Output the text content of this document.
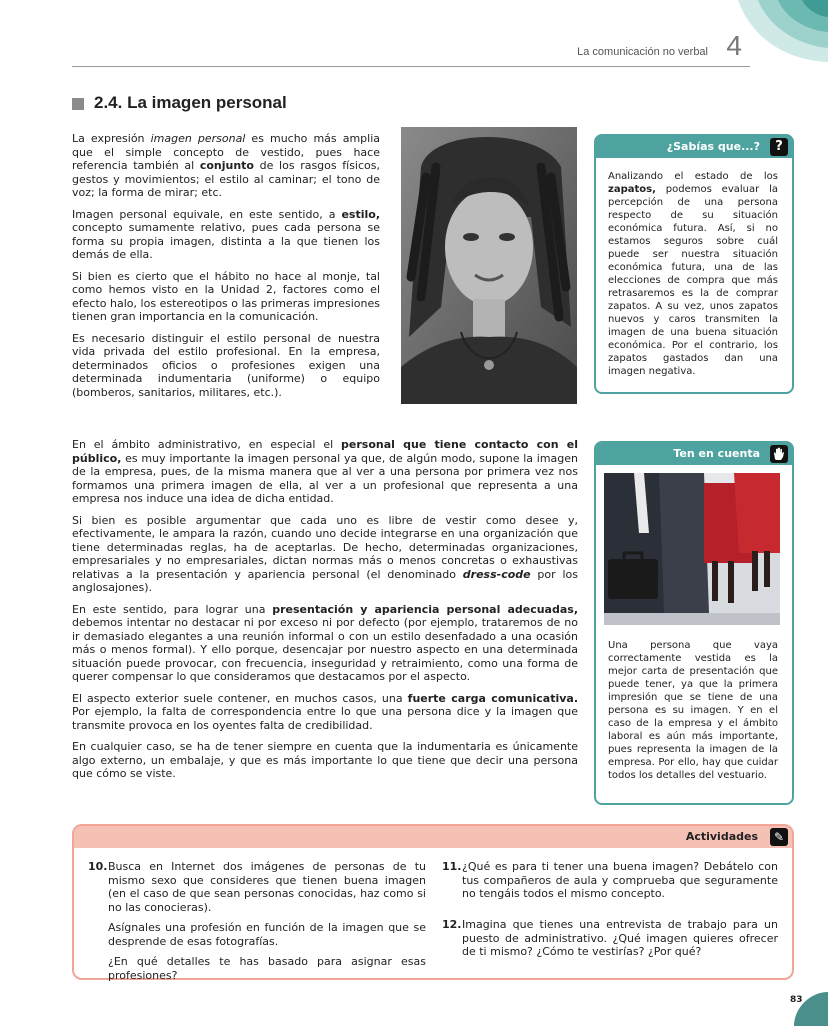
La comunicación no verbal 4
2.4. La imagen personal

La expresión imagen personal es mucho más amplia que el simple concepto de vestido, pues hace referencia también al conjunto de los rasgos físicos, gestos y movimientos; el estilo al caminar; el tono de voz; la forma de mirar; etc.

Imagen personal equivale, en este sentido, a estilo, concepto sumamente relativo, pues cada persona se forma su propia imagen, distinta a la que tienen los demás de ella.

Si bien es cierto que el hábito no hace al monje, tal como hemos visto en la Unidad 2, factores como el efecto halo, los estereotipos o las primeras impresiones tienen gran importancia en la comunicación.

Es necesario distinguir el estilo personal de nuestra vida privada del estilo profesional. En la empresa, determinados oficios o profesiones exigen una determinada indumentaria (uniforme) o equipo (bomberos, sanitarios, militares, etc.).

En el ámbito administrativo, en especial el personal que tiene contacto con el público, es muy importante la imagen personal ya que, de algún modo, supone la imagen de la empresa, pues, de la misma manera que al ver a una persona por primera vez nos formamos una primera imagen de ella, al ver a un profesional que representa a una empresa nos induce una idea de dicha entidad.

Si bien es posible argumentar que cada uno es libre de vestir como desee y, efectivamente, le ampara la razón, cuando uno decide integrarse en una organización que tiene determinadas reglas, ha de aceptarlas. De hecho, determinadas organizaciones, empresariales y no empresariales, dictan normas más o menos concretas o exhaustivas relativas a la presentación y apariencia personal (el denominado dress-code por los anglosajones).

En este sentido, para lograr una presentación y apariencia personal adecuadas, debemos intentar no destacar ni por exceso ni por defecto (por ejemplo, trataremos de no ir demasiado elegantes a una reunión informal o con un estilo desenfadado a una ocasión más o menos formal). Y ello porque, desencajar por nuestro aspecto en una determinada situación puede provocar, con frecuencia, inseguridad y retraimiento, como una forma de querer compensar lo que consideramos que destacamos por el aspecto.

El aspecto exterior suele contener, en muchos casos, una fuerte carga comunicativa. Por ejemplo, la falta de correspondencia entre lo que una persona dice y la imagen que transmite provoca en los oyentes falta de credibilidad.

En cualquier caso, se ha de tener siempre en cuenta que la indumentaria es únicamente algo externo, un embalaje, y que es más importante lo que tiene que decir una persona que cómo se viste.

¿Sabías que...?	?
Analizando el estado de los zapatos, podemos evaluar la percepción de una persona respecto de su situación económica futura. Así, si no estamos seguros sobre cuál puede ser nuestra situación económica futura, una de las elecciones de compra que más retrasaremos es la de comprar zapatos. A su vez, unos zapatos nuevos y caros transmiten la imagen de una buena situación económica. Por el contrario, los zapatos gastados dan una imagen negativa.
Ten en cuenta
Una persona que vaya correctamente vestida es la mejor carta de presentación que puede tener, ya que la primera impresión que se tiene de una persona es su imagen. Y en el caso de la empresa y el ámbito laboral es aún más importante, pues representa la imagen de la empresa. Por ello, hay que cuidar todos los detalles del vestuario.
Actividades	✎
10. Busca en Internet dos imágenes de personas de tu mismo sexo que consideres que tienen buena imagen (en el caso de que sean personas conocidas, haz como si no las conocieras).

Asígnales una profesión en función de la imagen que se desprende de esas fotografías.

¿En qué detalles te has basado para asignar esas profesiones?

11. ¿Qué es para ti tener una buena imagen? Debátelo con tus compañeros de aula y comprueba que seguramente no tengáis todos el mismo concepto.

12. Imagina que tienes una entrevista de trabajo para un puesto de administrativo. ¿Qué imagen quieres ofrecer de ti mismo? ¿Cómo te vestirías? ¿Por qué?

83
